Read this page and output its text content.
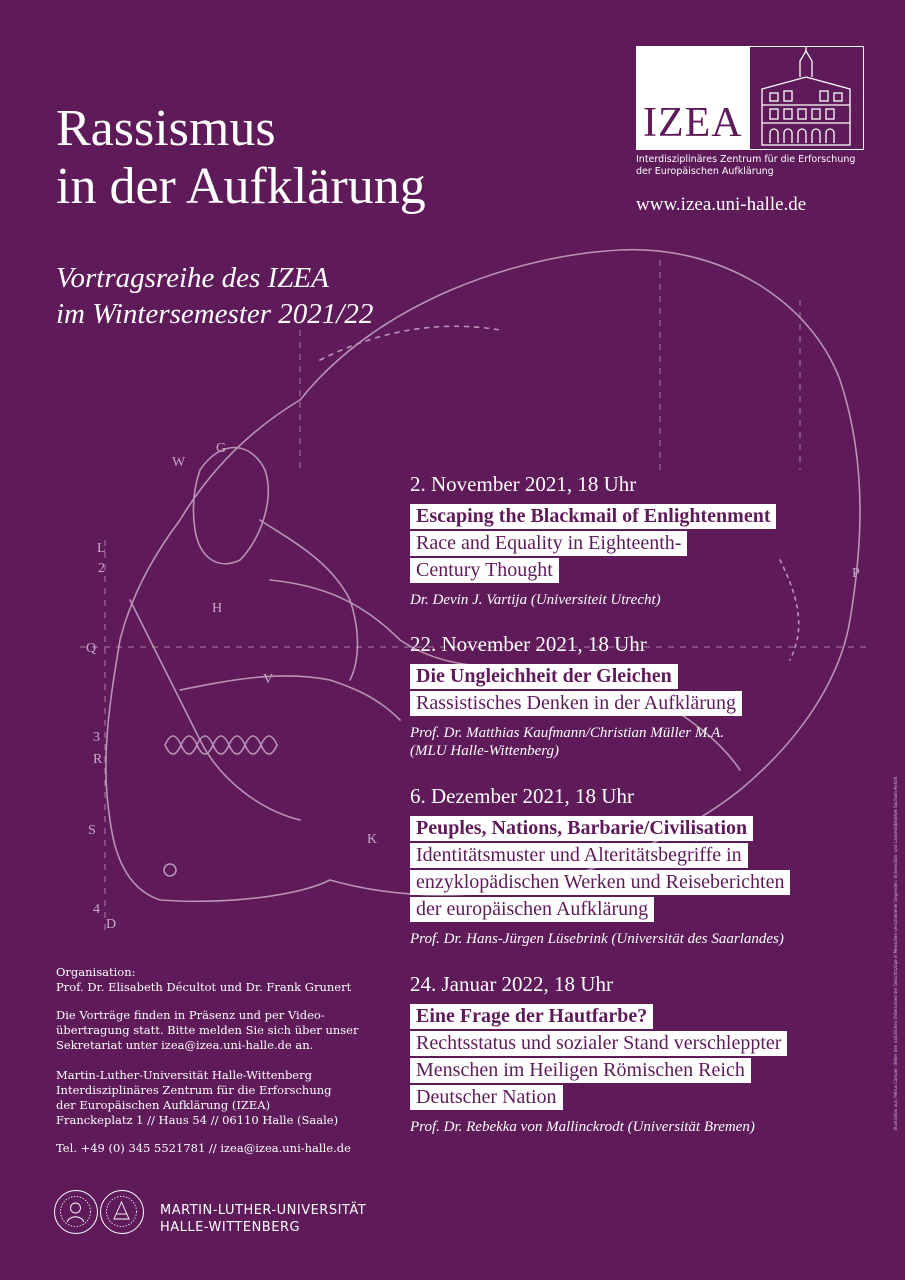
W
G
L
2
H
Q
V
3
R
S
K
4
D
P
Rassismus
in der Aufklärung
Vortragsreihe des IZEA
im Wintersemester 2021/22
IZEA
Interdisziplinäres Zentrum für die Erforschung
der Europäischen Aufklärung
www.izea.uni-halle.de
2. November 2021, 18 Uhr
Escaping the Blackmail of Enlightenment
Race and Equality in Eighteenth-
Century Thought
Dr. Devin J. Vartija (Universiteit Utrecht)
22. November 2021, 18 Uhr
Die Ungleichheit der Gleichen
Rassistisches Denken in der Aufklärung
Prof. Dr. Matthias Kaufmann/Christian Müller M.A.
(MLU Halle-Wittenberg)
6. Dezember 2021, 18 Uhr
Peuples, Nations, Barbarie/Civilisation
Identitätsmuster und Alteritätsbegriffe in
enzyklopädischen Werken und Reiseberichten
der europäischen Aufklärung
Prof. Dr. Hans-Jürgen Lüsebrink (Universität des Saarlandes)
24. Januar 2022, 18 Uhr
Eine Frage der Hautfarbe?
Rechtsstatus und sozialer Stand verschleppter
Menschen im Heiligen Römischen Reich
Deutscher Nation
Prof. Dr. Rebekka von Mallinckrodt (Universität Bremen)

Organisation:

Prof. Dr. Elisabeth Décultot und Dr. Frank Grunert

Die Vorträge finden in Präsenz und per Video-

übertragung statt. Bitte melden Sie sich über unser

Sekretariat unter izea@izea.uni-halle.de an.

Martin-Luther-Universität Halle-Wittenberg

Interdisziplinäres Zentrum für die Erforschung

der Europäischen Aufklärung (IZEA)

Franckeplatz 1 // Haus 54 // 06110 Halle (Saale)

Tel. +49 (0) 345 5521781 // izea@izea.uni-halle.de
MARTIN-LUTHER-UNIVERSITÄT
HALLE-WITTENBERG
Illustration aus: Petrus Camper: Ueber den natürlichen Unterschied der Gesichtszüge in Menschen verschiedener Gegenden; Universitäts- und Landesbibliothek Sachsen-Anhalt
